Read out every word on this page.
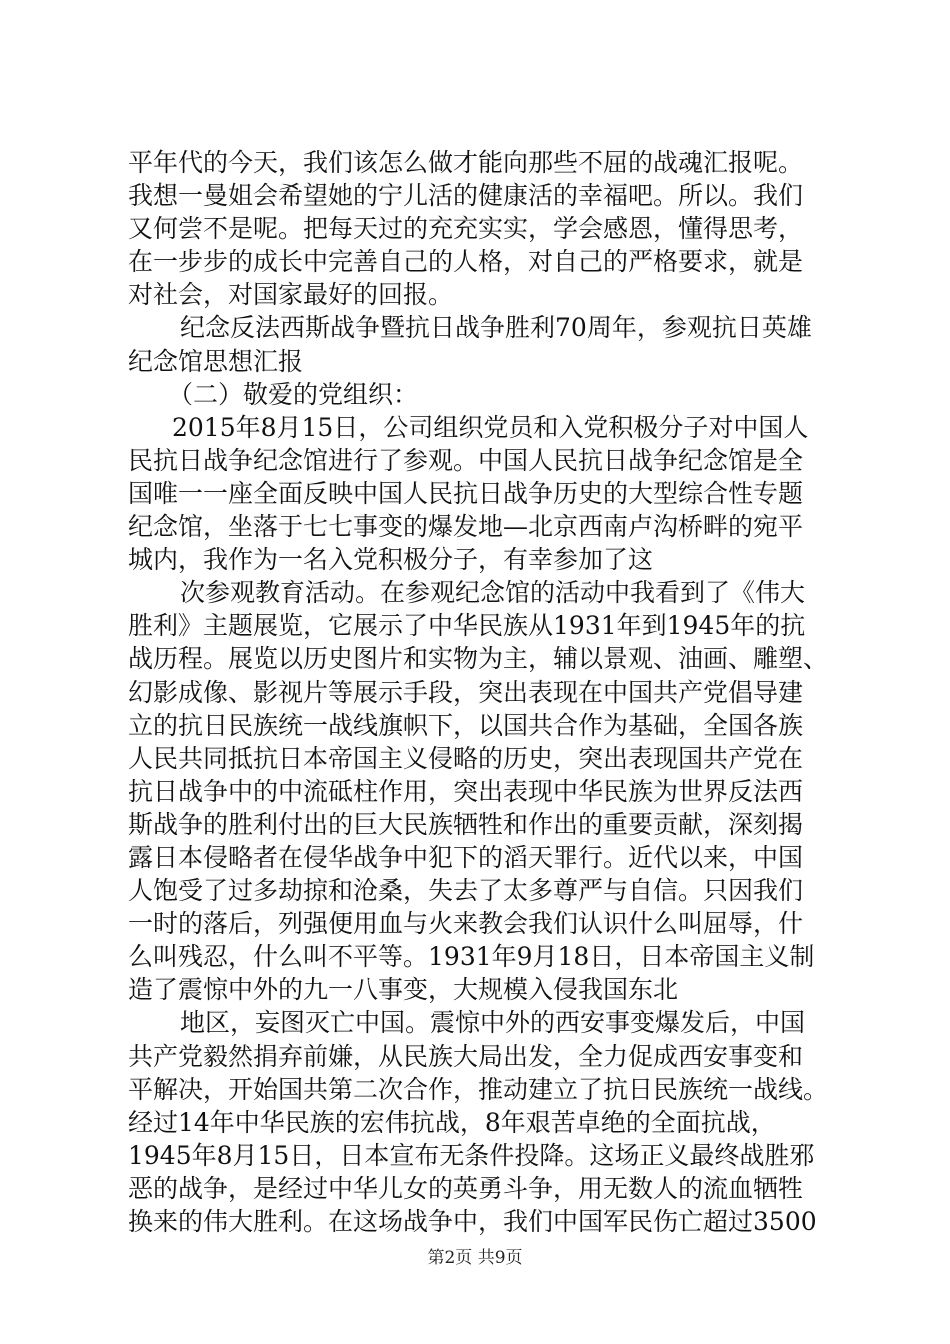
平年代的今天，我们该怎么做才能向那些不屈的战魂汇报呢。
我想一曼姐会希望她的宁儿活的健康活的幸福吧。所以。我们
又何尝不是呢。把每天过的充充实实，学会感恩，懂得思考，
在一步步的成长中完善自己的人格，对自己的严格要求，就是
对社会，对国家最好的回报。
纪念反法西斯战争暨抗日战争胜利70周年，参观抗日英雄
纪念馆思想汇报
（二）敬爱的党组织：
2015年8月15日，公司组织党员和入党积极分子对中国人
民抗日战争纪念馆进行了参观。中国人民抗日战争纪念馆是全
国唯一一座全面反映中国人民抗日战争历史的大型综合性专题
纪念馆，坐落于七七事变的爆发地—北京西南卢沟桥畔的宛平
城内，我作为一名入党积极分子，有幸参加了这
次参观教育活动。在参观纪念馆的活动中我看到了《伟大
胜利》主题展览，它展示了中华民族从1931年到1945年的抗
战历程。展览以历史图片和实物为主，辅以景观、油画、雕塑、
幻影成像、影视片等展示手段，突出表现在中国共产党倡导建
立的抗日民族统一战线旗帜下，以国共合作为基础，全国各族
人民共同抵抗日本帝国主义侵略的历史，突出表现国共产党在
抗日战争中的中流砥柱作用，突出表现中华民族为世界反法西
斯战争的胜利付出的巨大民族牺牲和作出的重要贡献，深刻揭
露日本侵略者在侵华战争中犯下的滔天罪行。近代以来，中国
人饱受了过多劫掠和沧桑，失去了太多尊严与自信。只因我们
一时的落后，列强便用血与火来教会我们认识什么叫屈辱，什
么叫残忍，什么叫不平等。1931年9月18日，日本帝国主义制
造了震惊中外的九一八事变，大规模入侵我国东北
地区，妄图灭亡中国。震惊中外的西安事变爆发后，中国
共产党毅然捐弃前嫌，从民族大局出发，全力促成西安事变和
平解决，开始国共第二次合作，推动建立了抗日民族统一战线。
经过14年中华民族的宏伟抗战，8年艰苦卓绝的全面抗战，
1945年8月15日，日本宣布无条件投降。这场正义最终战胜邪
恶的战争，是经过中华儿女的英勇斗争，用无数人的流血牺牲
换来的伟大胜利。在这场战争中，我们中国军民伤亡超过3500
第2页 共9页
